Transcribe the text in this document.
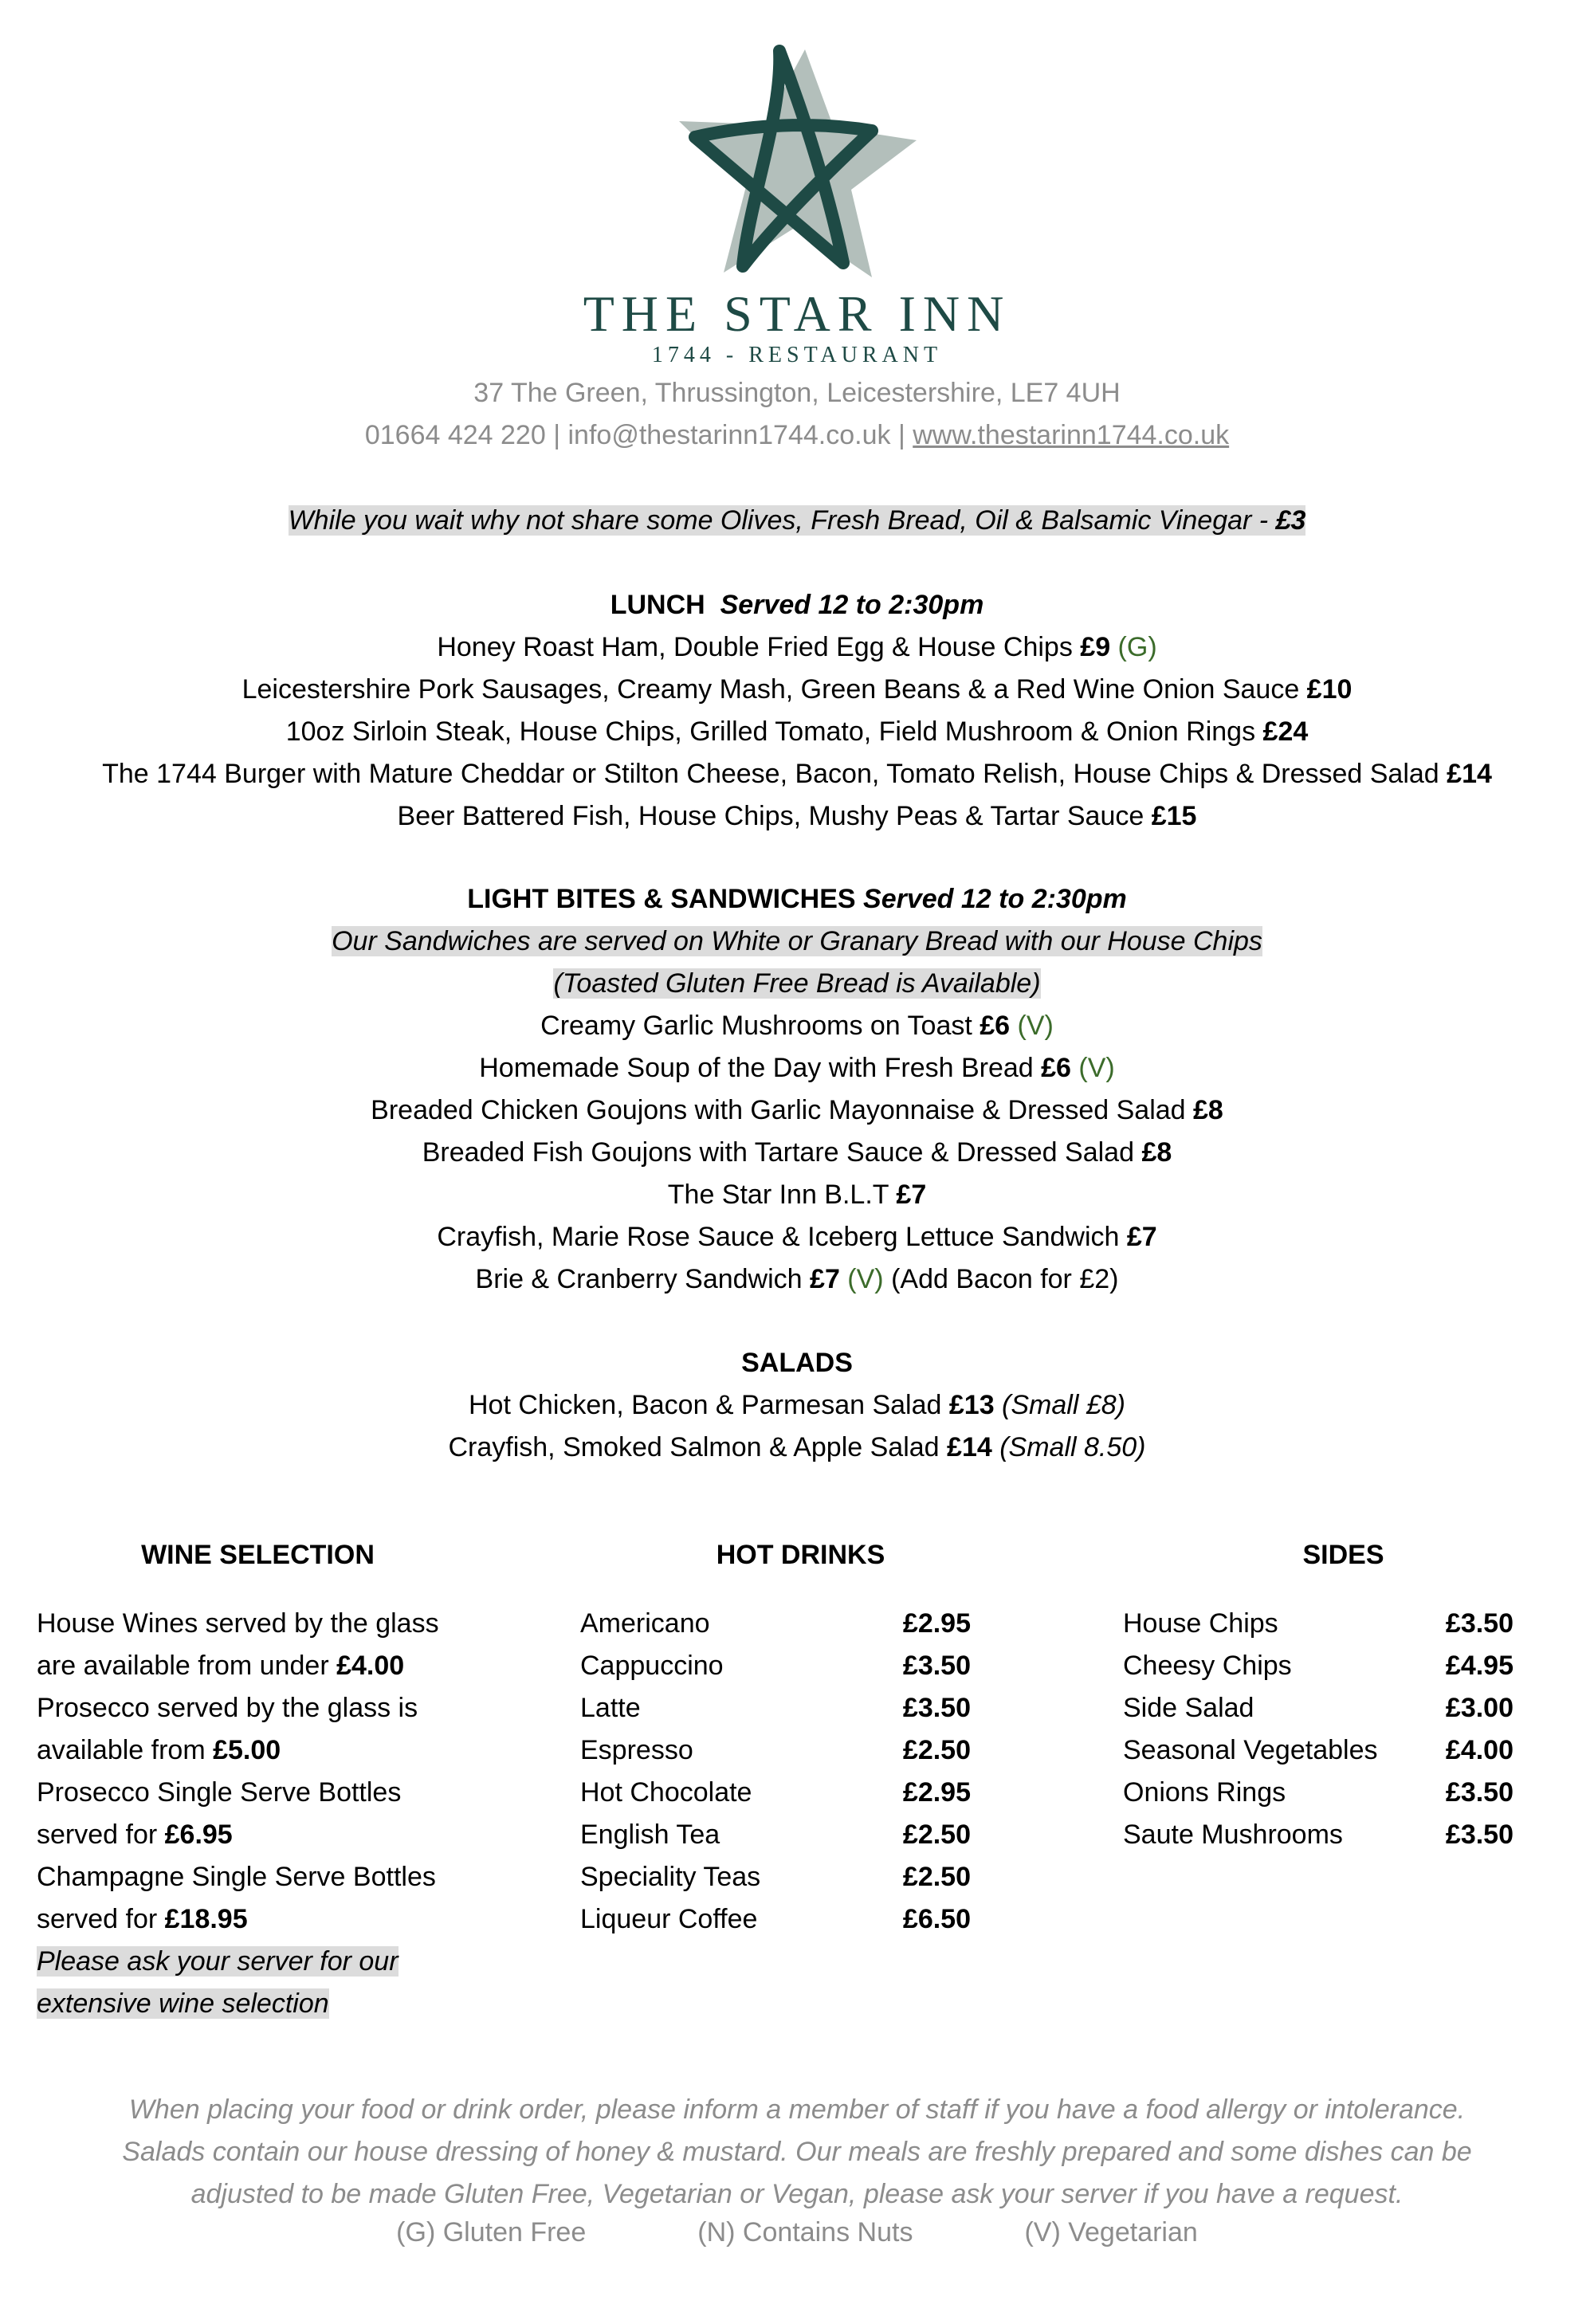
THE STAR INN
1744 - RESTAURANT
37 The Green, Thrussington, Leicestershire, LE7 4UH
01664 424 220 | info@thestarinn1744.co.uk | www.thestarinn1744.co.uk
While you wait why not share some Olives, Fresh Bread, Oil & Balsamic Vinegar - £3
LUNCH Served 12 to 2:30pm
Honey Roast Ham, Double Fried Egg & House Chips £9 (G)
Leicestershire Pork Sausages, Creamy Mash, Green Beans & a Red Wine Onion Sauce £10
10oz Sirloin Steak, House Chips, Grilled Tomato, Field Mushroom & Onion Rings £24
The 1744 Burger with Mature Cheddar or Stilton Cheese, Bacon, Tomato Relish, House Chips & Dressed Salad £14
Beer Battered Fish, House Chips, Mushy Peas & Tartar Sauce £15
LIGHT BITES & SANDWICHES Served 12 to 2:30pm
Our Sandwiches are served on White or Granary Bread with our House Chips
(Toasted Gluten Free Bread is Available)
Creamy Garlic Mushrooms on Toast £6 (V)
Homemade Soup of the Day with Fresh Bread £6 (V)
Breaded Chicken Goujons with Garlic Mayonnaise & Dressed Salad £8
Breaded Fish Goujons with Tartare Sauce & Dressed Salad £8
The Star Inn B.L.T £7
Crayfish, Marie Rose Sauce & Iceberg Lettuce Sandwich £7
Brie & Cranberry Sandwich £7 (V) (Add Bacon for £2)
SALADS
Hot Chicken, Bacon & Parmesan Salad £13 (Small £8)
Crayfish, Smoked Salmon & Apple Salad £14 (Small 8.50)
WINE SELECTION
House Wines served by the glass
are available from under £4.00
Prosecco served by the glass is
available from £5.00
Prosecco Single Serve Bottles
served for £6.95
Champagne Single Serve Bottles
served for £18.95
Please ask your server for our
extensive wine selection
HOT DRINKS
Americano	£2.95
Cappuccino	£3.50
Latte	£3.50
Espresso	£2.50
Hot Chocolate	£2.95
English Tea	£2.50
Speciality Teas	£2.50
Liqueur Coffee	£6.50
SIDES
House Chips	£3.50
Cheesy Chips	£4.95
Side Salad	£3.00
Seasonal Vegetables	£4.00
Onions Rings	£3.50
Saute Mushrooms	£3.50
When placing your food or drink order, please inform a member of staff if you have a food allergy or intolerance.
Salads contain our house dressing of honey & mustard. Our meals are freshly prepared and some dishes can be
adjusted to be made Gluten Free, Vegetarian or Vegan, please ask your server if you have a request.
(G) Gluten Free	(N) Contains Nuts	(V) Vegetarian
